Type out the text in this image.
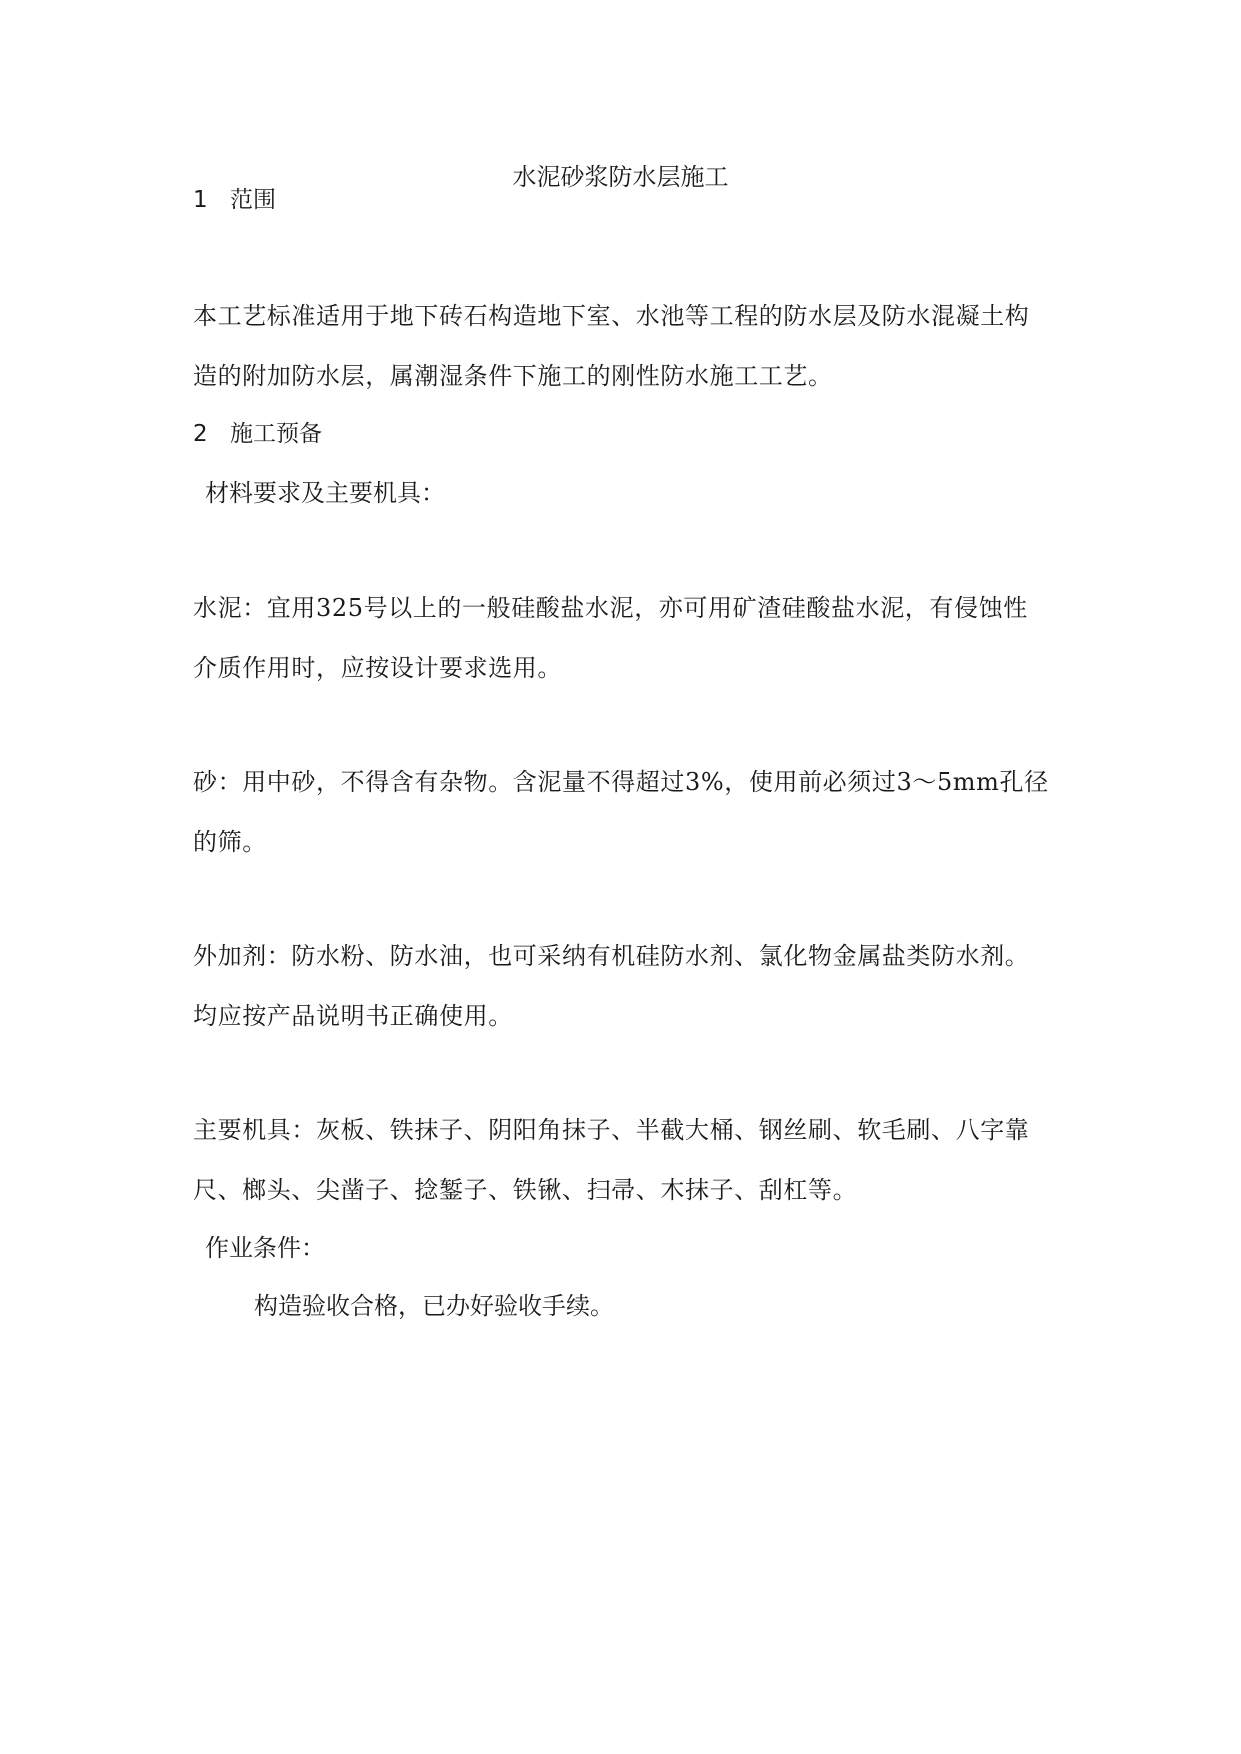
水泥砂浆防水层施工
1 范围
本工艺标准适用于地下砖石构造地下室、水池等工程的防水层及防水混凝土构
造的附加防水层，属潮湿条件下施工的刚性防水施工工艺。
2 施工预备
材料要求及主要机具：
水泥：宜用325号以上的一般硅酸盐水泥，亦可用矿渣硅酸盐水泥，有侵蚀性
介质作用时，应按设计要求选用。
砂：用中砂，不得含有杂物。含泥量不得超过3%，使用前必须过3～5mm孔径
的筛。
外加剂：防水粉、防水油，也可采纳有机硅防水剂、氯化物金属盐类防水剂。
均应按产品说明书正确使用。
主要机具：灰板、铁抹子、阴阳角抹子、半截大桶、钢丝刷、软毛刷、八字靠
尺、榔头、尖凿子、捻錾子、铁锹、扫帚、木抹子、刮杠等。
作业条件：
构造验收合格，已办好验收手续。
